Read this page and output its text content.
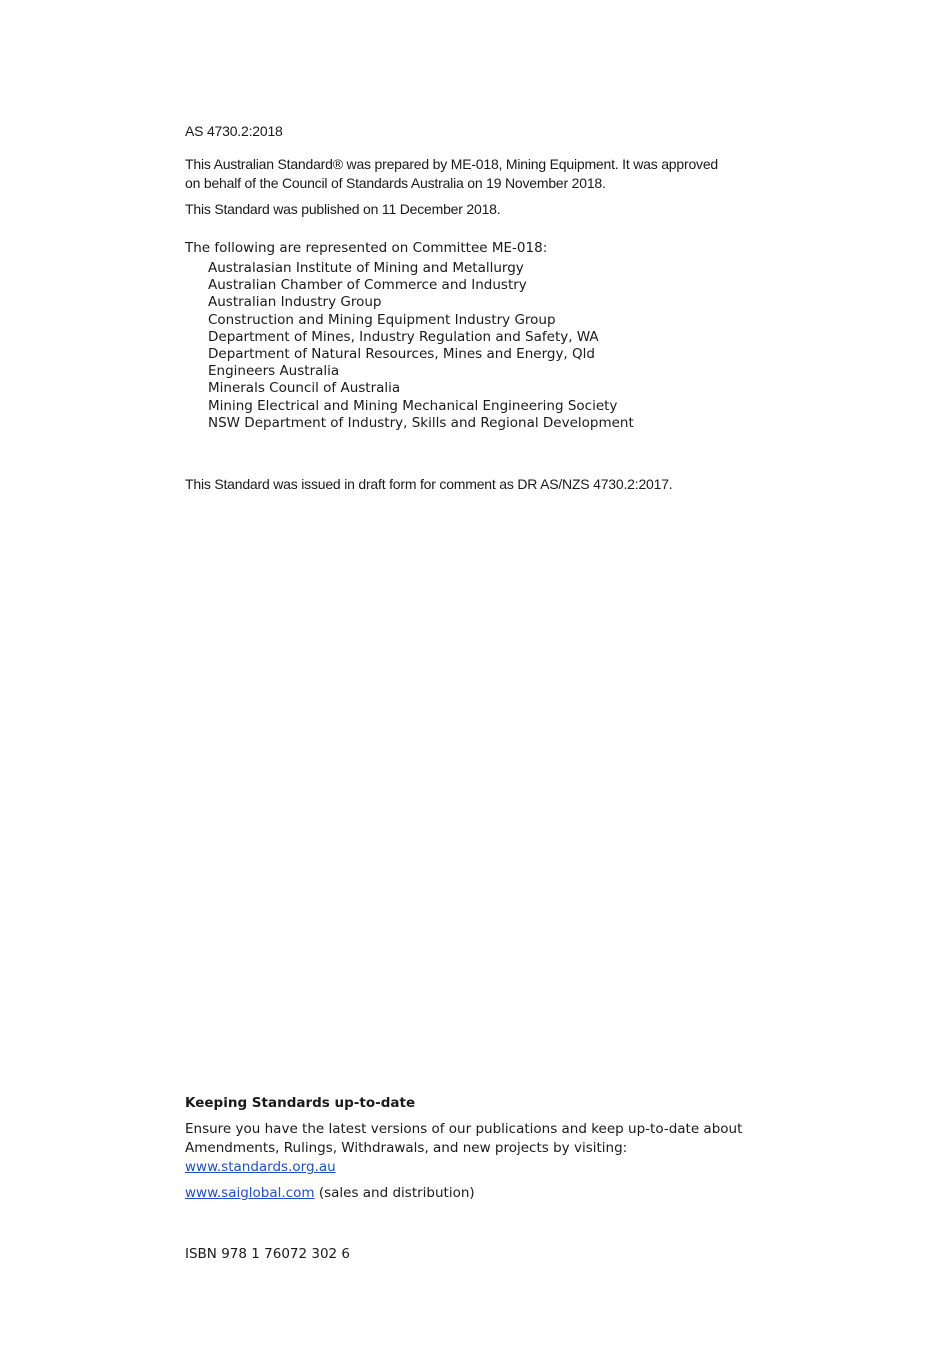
AS 4730.2:2018

This Australian Standard® was prepared by ME-018, Mining Equipment. It was approved
on behalf of the Council of Standards Australia on 19 November 2018.

This Standard was published on 11 December 2018.

The following are represented on Committee ME-018:

Australasian Institute of Mining and Metallurgy
Australian Chamber of Commerce and Industry
Australian Industry Group
Construction and Mining Equipment Industry Group
Department of Mines, Industry Regulation and Safety, WA
Department of Natural Resources, Mines and Energy, Qld
Engineers Australia
Minerals Council of Australia
Mining Electrical and Mining Mechanical Engineering Society
NSW Department of Industry, Skills and Regional Development

This Standard was issued in draft form for comment as DR AS/NZS 4730.2:2017.

Keeping Standards up-to-date

Ensure you have the latest versions of our publications and keep up-to-date about
Amendments, Rulings, Withdrawals, and new projects by visiting:

www.standards.org.au

www.saiglobal.com (sales and distribution)

ISBN 978 1 76072 302 6
